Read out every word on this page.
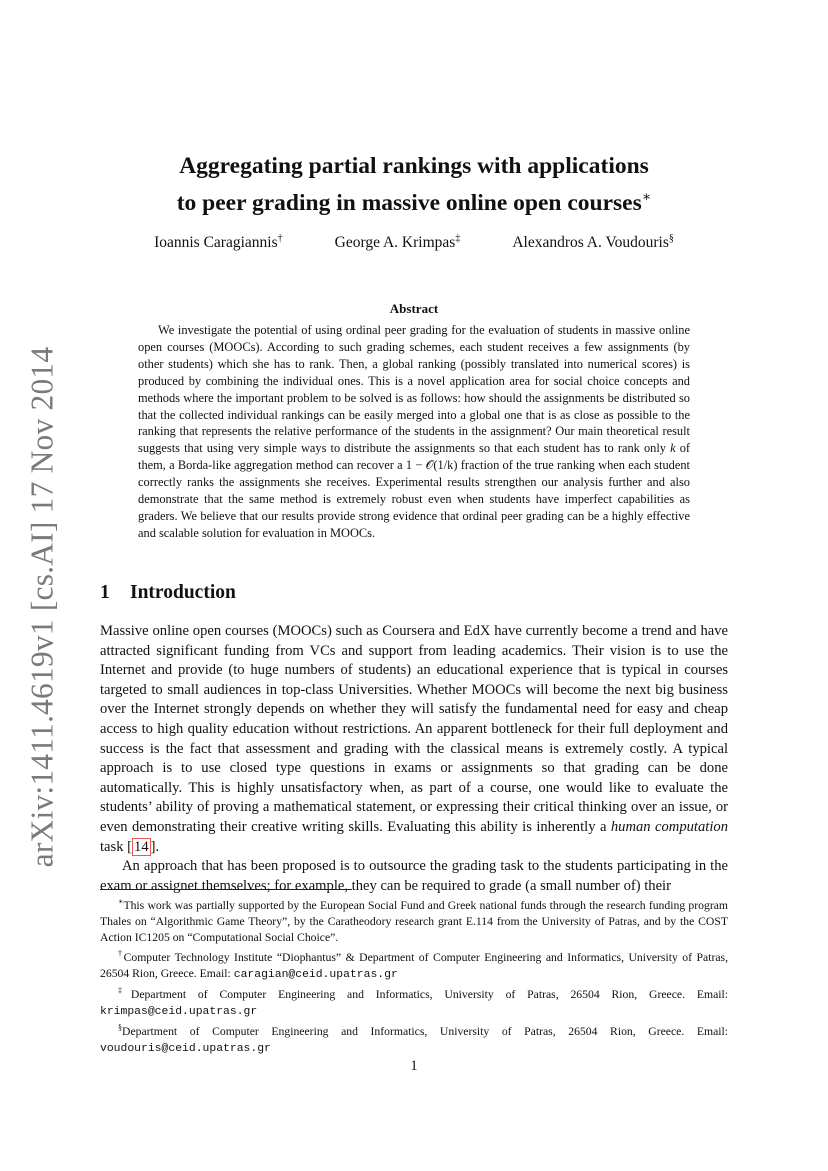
arXiv:1411.4619v1 [cs.AI] 17 Nov 2014
Aggregating partial rankings with applications
to peer grading in massive online open courses∗
Ioannis Caragiannis†	George A. Krimpas‡	Alexandros A. Voudouris§
Abstract

We investigate the potential of using ordinal peer grading for the evaluation of students in massive online open courses (MOOCs). According to such grading schemes, each student receives a few assignments (by other students) which she has to rank. Then, a global ranking (possibly translated into numerical scores) is produced by combining the individual ones. This is a novel application area for social choice concepts and methods where the important problem to be solved is as follows: how should the assignments be distributed so that the collected individual rankings can be easily merged into a global one that is as close as possible to the ranking that represents the relative performance of the students in the assignment? Our main theoretical result suggests that using very simple ways to distribute the assignments so that each student has to rank only k of them, a Borda-like aggregation method can recover a 1 − 𝒪(1/k) fraction of the true ranking when each student correctly ranks the assignments she receives. Experimental results strengthen our analysis further and also demonstrate that the same method is extremely robust even when students have imperfect capabilities as graders. We believe that our results provide strong evidence that ordinal peer grading can be a highly effective and scalable solution for evaluation in MOOCs.

1 Introduction

Massive online open courses (MOOCs) such as Coursera and EdX have currently become a trend and have attracted significant funding from VCs and support from leading academics. Their vision is to use the Internet and provide (to huge numbers of students) an educational experience that is typical in courses targeted to small audiences in top-class Universities. Whether MOOCs will become the next big business over the Internet strongly depends on whether they will satisfy the fundamental need for easy and cheap access to high quality education without restrictions. An apparent bottleneck for their full deployment and success is the fact that assessment and grading with the classical means is extremely costly. A typical approach is to use closed type questions in exams or assignments so that grading can be done automatically. This is highly unsatisfactory when, as part of a course, one would like to evaluate the students’ ability of proving a mathematical statement, or expressing their critical thinking over an issue, or even demonstrating their creative writing skills. Evaluating this ability is inherently a human computation task [ 14 ].

An approach that has been proposed is to outsource the grading task to the students participating in the exam or assignet themselves; for example, they can be required to grade (a small number of) their

∗This work was partially supported by the European Social Fund and Greek national funds through the research funding program Thales on “Algorithmic Game Theory”, by the Caratheodory research grant E.114 from the University of Patras, and by the COST Action IC1205 on “Computational Social Choice”.

†Computer Technology Institute “Diophantus” & Department of Computer Engineering and Informatics, University of Patras, 26504 Rion, Greece. Email: caragian@ceid.upatras.gr

‡Department of Computer Engineering and Informatics, University of Patras, 26504 Rion, Greece. Email: krimpas@ceid.upatras.gr

§Department of Computer Engineering and Informatics, University of Patras, 26504 Rion, Greece. Email: voudouris@ceid.upatras.gr

1
